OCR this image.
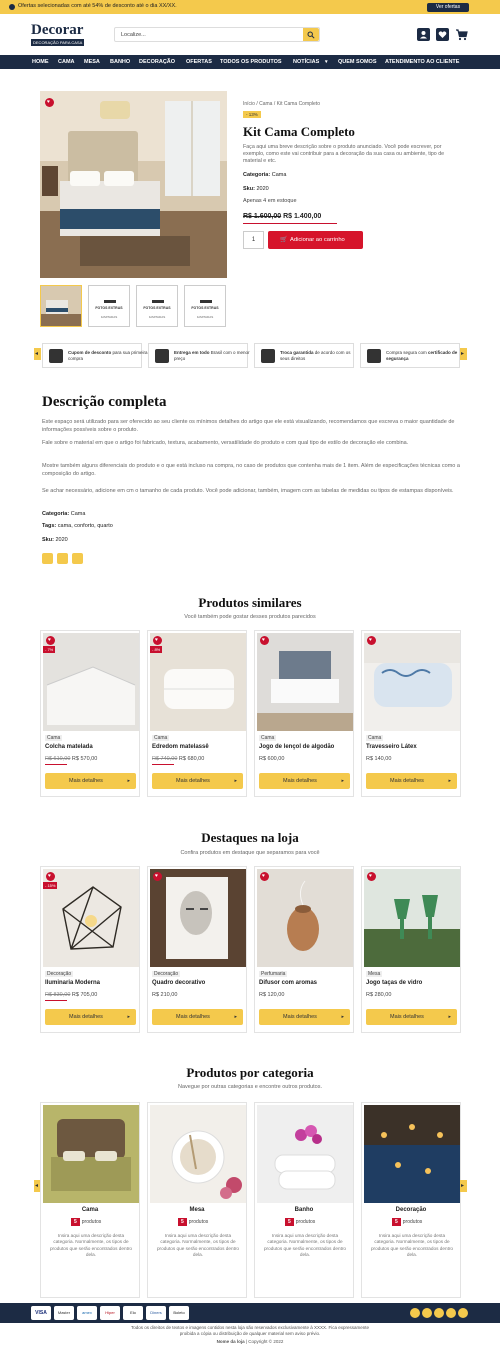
Ofertas selecionadas com até 54% de desconto até o dia XX/XX.	Ver ofertas
Decorar
DECORAÇÃO PARA CASA
Localize...
HOME CAMA MESA BANHO DECORAÇÃO OFERTAS TODOS OS PRODUTOS NOTÍCIAS ▾ QUEM SOMOS ATENDIMENTO AO CLIENTE
♥
FOTOS EXTRAS
ILIMITADAS
FOTOS EXTRAS
ILIMITADAS
FOTOS EXTRAS
ILIMITADAS
Início / Cama / Kit Cama Completo
- 13%
Kit Cama Completo
Faça aqui uma breve descrição sobre o produto anunciado. Você pode escrever, por exemplo, como este vai contribuir para a decoração da sua casa ou ambiente, tipo de material e etc.
Categoria: Cama
Sku: 2020
Apenas 4 em estoque
R$ 1.600,00 R$ 1.400,00
1	🛒 Adicionar ao carrinho
◂	Cupom de desconto para sua primeira compra
Entrega em todo Brasil com o menor preço
Troca garantida de acordo com os seus direitos
Compra segura com certificado de segurança
▸
Descrição completa

Este espaço será utilizado para ser oferecido ao seu cliente os mínimos detalhes do artigo que ele está visualizando, recomendamos que escreva o maior quantidade de informações possíveis sobre o produto.

Fale sobre o material em que o artigo foi fabricado, textura, acabamento, versatilidade do produto e com qual tipo de estilo de decoração ele combina.

Mostre também alguns diferenciais do produto e o que está incluso na compra, no caso de produtos que contenha mais de 1 item. Além de especificações técnicas como a composição do artigo.

Se achar necessário, adicione em cm o tamanho de cada produto. Você pode adicionar, também, imagem com as tabelas de medidas ou tipos de estampas disponíveis.

Categoria: Cama
Tags: cama, conforto, quarto
Sku: 2020
Produtos similares
Você também pode gostar desses produtos parecidos
♥
- 7%
Cama
Colcha matelada
R$ 610,00 R$ 570,00
Mais detalhes	▸
♥
- 8%
Cama
Edredom matelassê
R$ 740,00 R$ 680,00
Mais detalhes	▸
♥
Cama
Jogo de lençol de algodão
R$ 600,00
Mais detalhes	▸
♥
Cama
Travesseiro Látex
R$ 140,00
Mais detalhes	▸
Destaques na loja
Confira produtos em destaque que separamos para você
♥
- 15%
Decoração
Iluminaria Moderna
R$ 830,00 R$ 705,00
Mais detalhes	▸
♥
Decoração
Quadro decorativo
R$ 210,00
Mais detalhes	▸
♥
Perfumaria
Difusor com aromas
R$ 120,00
Mais detalhes	▸
♥
Mesa
Jogo taças de vidro
R$ 280,00
Mais detalhes	▸
Produtos por categoria
Navegue por outras categorias e encontre outros produtos.
◂
Cama
5 produtos
Insira aqui uma descrição desta categoria. Normalmente, os tipos de produtos que serão encontrados dentro dela.
Mesa
5 produtos
Insira aqui uma descrição desta categoria. Normalmente, os tipos de produtos que serão encontrados dentro dela.
Banho
5 produtos
Insira aqui uma descrição desta categoria. Normalmente, os tipos de produtos que serão encontrados dentro dela.
Decoração
5 produtos
Insira aqui uma descrição desta categoria. Normalmente, os tipos de produtos que serão encontrados dentro dela.
▸
VISA	Master	amex	Hiper	Elo	Diners	Boleto
Todos os direitos de textos e imagens contidos nesta loja são reservados exclusivamente à XXXX. Fica expressamente
proibida a cópia ou distribuição de qualquer material sem aviso prévio.
Nome da loja | Copyright © 2022
